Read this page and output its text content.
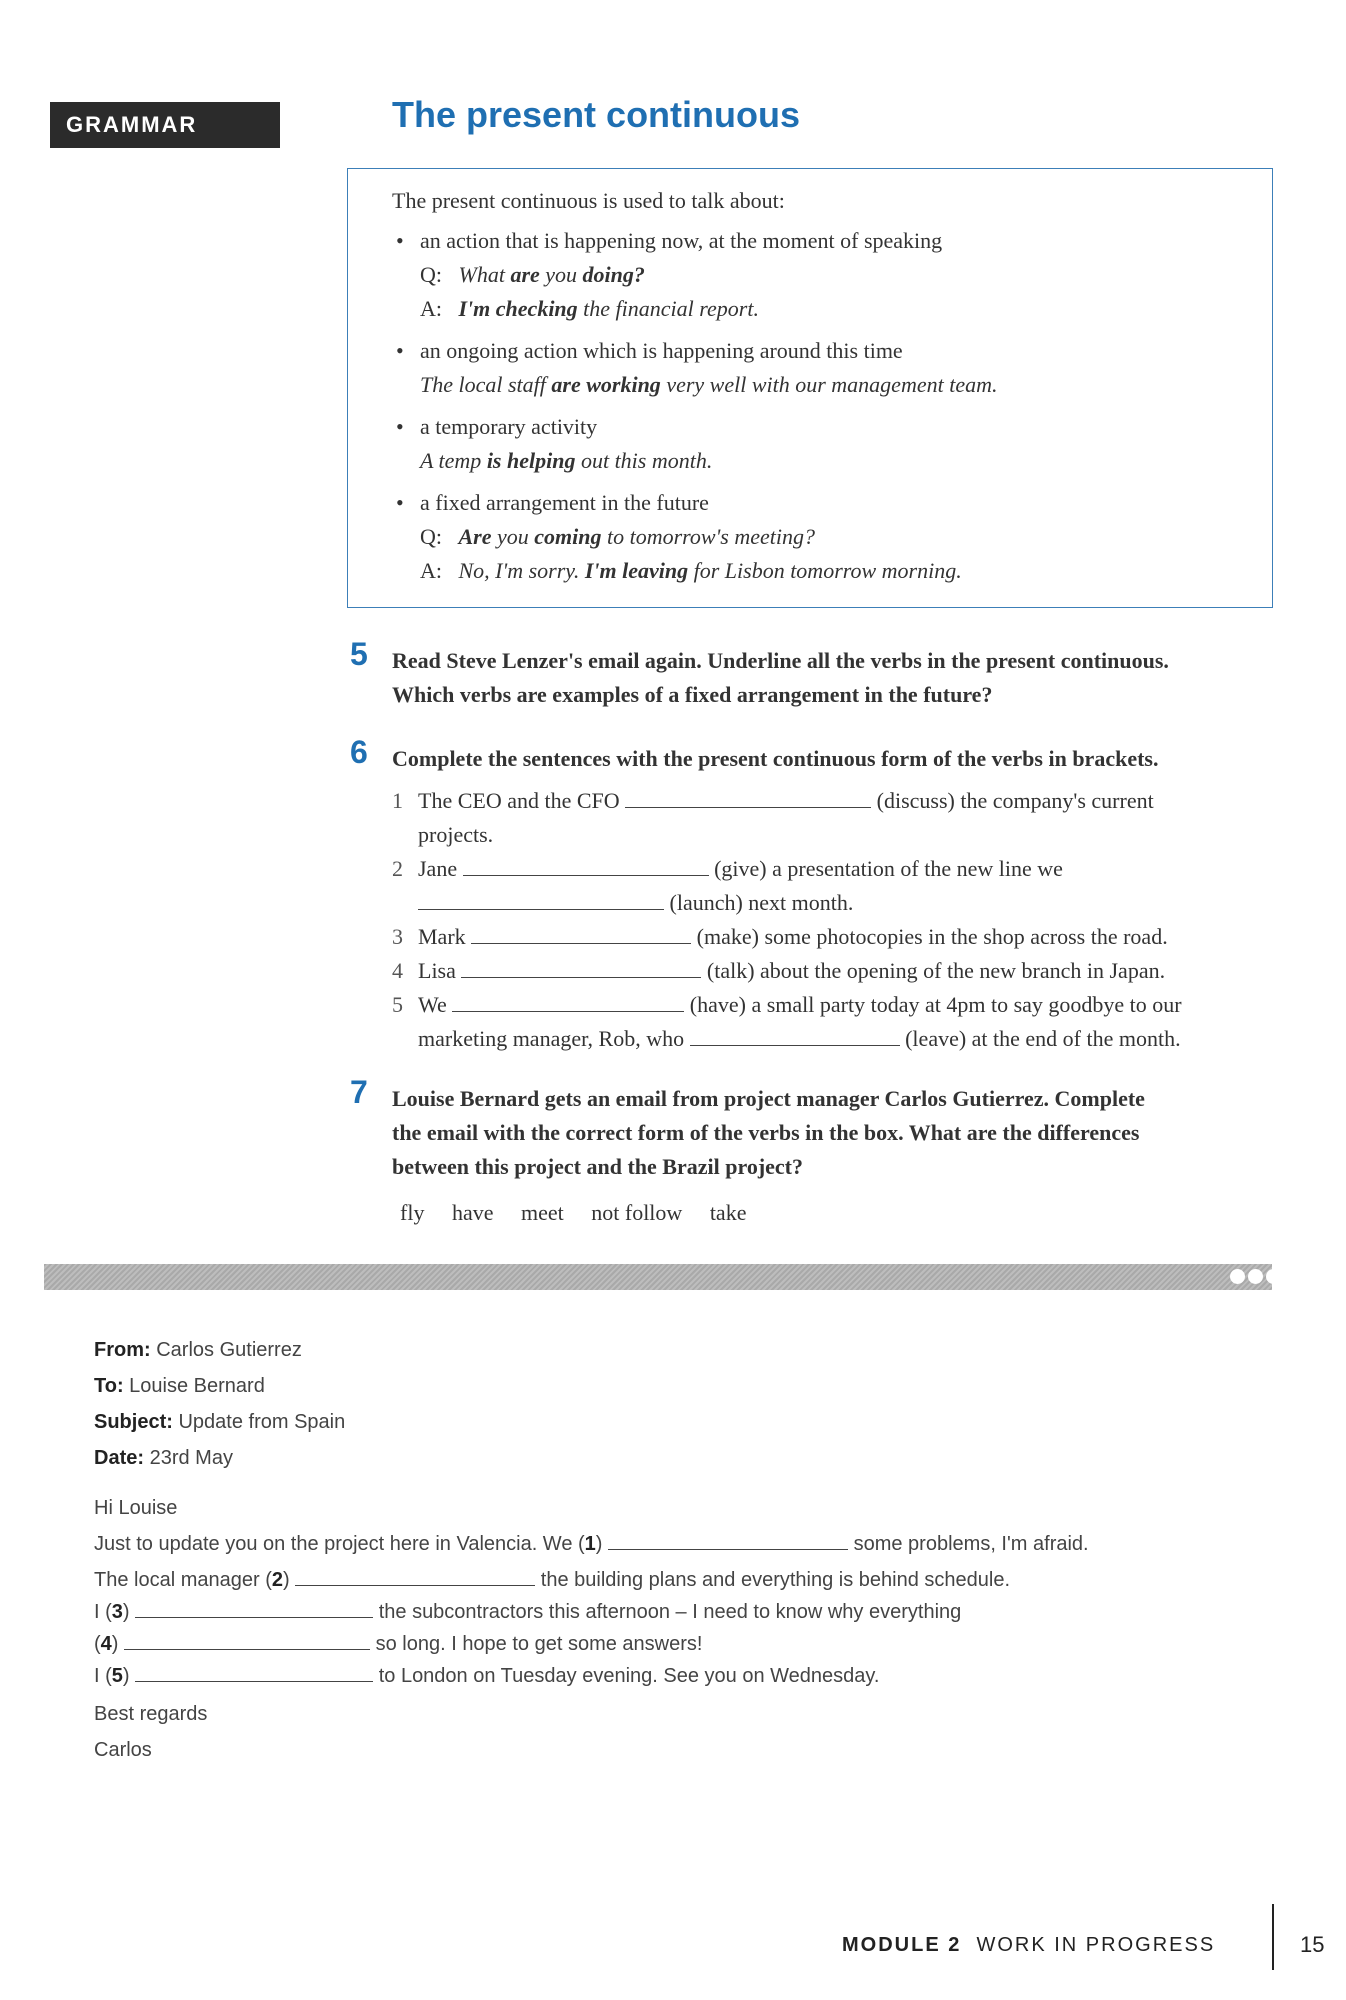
GRAMMAR	The present continuous
The present continuous is used to talk about:
• an action that is happening now, at the moment of speaking
Q: What are you doing?
A: I'm checking the financial report.
• an ongoing action which is happening around this time
The local staff are working very well with our management team.
• a temporary activity
A temp is helping out this month.
• a fixed arrangement in the future
Q: Are you coming to tomorrow's meeting?
A: No, I'm sorry. I'm leaving for Lisbon tomorrow morning.
5 Read Steve Lenzer's email again. Underline all the verbs in the present continuous.
Which verbs are examples of a fixed arrangement in the future?
6 Complete the sentences with the present continuous form of the verbs in brackets.
1 The CEO and the CFO	(discuss) the company's current
projects.
2 Jane	(give) a presentation of the new line we
(launch) next month.
3 Mark	(make) some photocopies in the shop across the road.
4 Lisa	(talk) about the opening of the new branch in Japan.
5 We	(have) a small party today at 4pm to say goodbye to our
marketing manager, Rob, who	(leave) at the end of the month.
7 Louise Bernard gets an email from project manager Carlos Gutierrez. Complete
the email with the correct form of the verbs in the box. What are the differences
between this project and the Brazil project?
fly have meet not follow take
From: Carlos Gutierrez
To: Louise Bernard
Subject: Update from Spain
Date: 23rd May
Hi Louise
Just to update you on the project here in Valencia. We (1)	some problems, I'm afraid.
The local manager (2)	the building plans and everything is behind schedule.
I (3)	the subcontractors this afternoon – I need to know why everything
(4)	so long. I hope to get some answers!
I (5)	to London on Tuesday evening. See you on Wednesday.
Best regards
Carlos
MODULE 2 WORK IN PROGRESS	15
